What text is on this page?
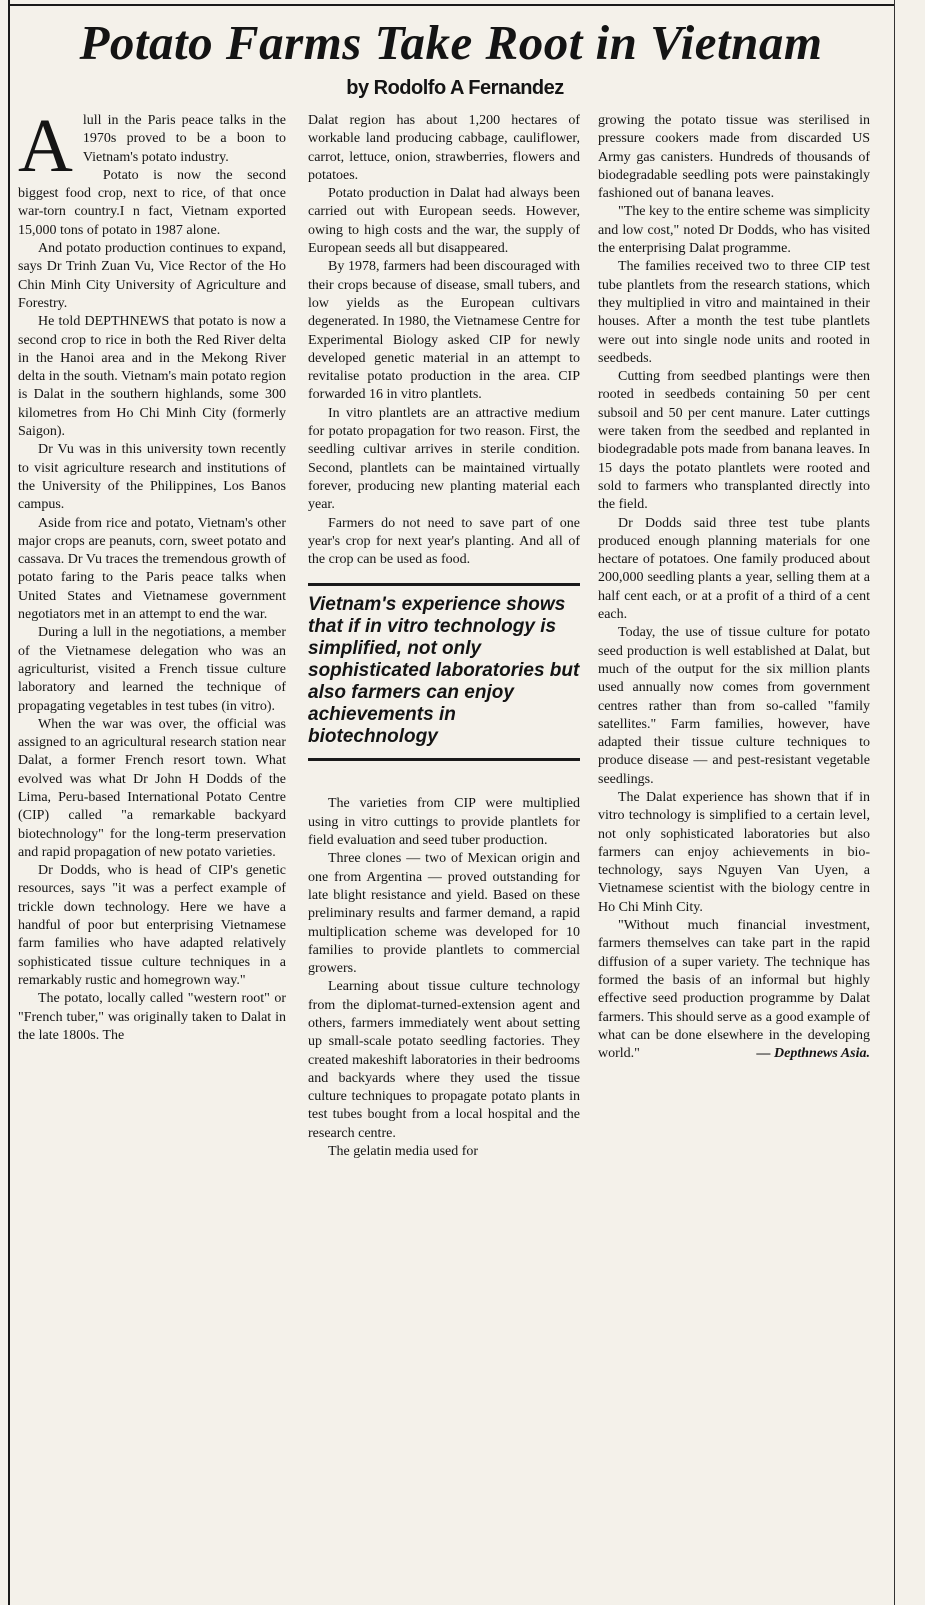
Potato Farms Take Root in Vietnam
by Rodolfo A Fernandez

Alull in the Paris peace talks in the 1970s proved to be a boon to Vietnam's potato industry.

Potato is now the second biggest food crop, next to rice, of that once war-torn country.I n fact, Vietnam exported 15,000 tons of potato in 1987 alone.

And potato production continues to expand, says Dr Trinh Zuan Vu, Vice Rector of the Ho Chin Minh City University of Agriculture and Forestry.

He told DEPTHNEWS that potato is now a second crop to rice in both the Red River delta in the Hanoi area and in the Mekong River delta in the south. Vietnam's main potato region is Dalat in the southern highlands, some 300 kilometres from Ho Chi Minh City (formerly Saigon).

Dr Vu was in this university town recently to visit agriculture research and institutions of the University of the Philippines, Los Banos campus.

Aside from rice and potato, Vietnam's other major crops are peanuts, corn, sweet potato and cassava. Dr Vu traces the tremendous growth of potato faring to the Paris peace talks when United States and Vietnamese government negotiators met in an attempt to end the war.

During a lull in the negotiations, a member of the Vietnamese delegation who was an agriculturist, visited a French tissue culture laboratory and learned the technique of propagating vegetables in test tubes (in vitro).

When the war was over, the official was assigned to an agricultural research station near Dalat, a former French resort town. What evolved was what Dr John H Dodds of the Lima, Peru-based International Potato Centre (CIP) called "a remarkable backyard biotechnology" for the long-term preservation and rapid propagation of new potato varieties.

Dr Dodds, who is head of CIP's genetic resources, says "it was a perfect example of trickle down technology. Here we have a handful of poor but enterprising Vietnamese farm families who have adapted relatively sophisticated tissue culture techniques in a remarkably rustic and homegrown way."

The potato, locally called "western root" or "French tuber," was originally taken to Dalat in the late 1800s. The

Dalat region has about 1,200 hectares of workable land producing cabbage, cauliflower, carrot, lettuce, onion, strawberries, flowers and potatoes.

Potato production in Dalat had always been carried out with European seeds. However, owing to high costs and the war, the supply of European seeds all but disappeared.

By 1978, farmers had been discouraged with their crops because of disease, small tubers, and low yields as the European cultivars degenerated. In 1980, the Vietnamese Centre for Experimental Biology asked CIP for newly developed genetic material in an attempt to revitalise potato production in the area. CIP forwarded 16 in vitro plantlets.

In vitro plantlets are an attractive medium for potato propagation for two reason. First, the seedling cultivar arrives in sterile condition. Second, plantlets can be maintained virtually forever, producing new planting material each year.

Farmers do not need to save part of one year's crop for next year's planting. And all of the crop can be used as food.

Vietnam's experience shows that if in vitro technology is simplified, not only sophisticated laboratories but also farmers can enjoy achievements in biotechnology

The varieties from CIP were multiplied using in vitro cuttings to provide plantlets for field evaluation and seed tuber production.

Three clones — two of Mexican origin and one from Argentina — proved outstanding for late blight resistance and yield. Based on these preliminary results and farmer demand, a rapid multiplication scheme was developed for 10 families to provide plantlets to commercial growers.

Learning about tissue culture technology from the diplomat-turned-extension agent and others, farmers immediately went about setting up small-scale potato seedling factories. They created makeshift laboratories in their bedrooms and backyards where they used the tissue culture techniques to propagate potato plants in test tubes bought from a local hospital and the research centre.

The gelatin media used for

growing the potato tissue was sterilised in pressure cookers made from discarded US Army gas canisters. Hundreds of thousands of biodegradable seedling pots were painstakingly fashioned out of banana leaves.

"The key to the entire scheme was simplicity and low cost," noted Dr Dodds, who has visited the enterprising Dalat programme.

The families received two to three CIP test tube plantlets from the research stations, which they multiplied in vitro and maintained in their houses. After a month the test tube plantlets were out into single node units and rooted in seedbeds.

Cutting from seedbed plantings were then rooted in seedbeds containing 50 per cent subsoil and 50 per cent manure. Later cuttings were taken from the seedbed and replanted in biodegradable pots made from banana leaves. In 15 days the potato plantlets were rooted and sold to farmers who transplanted directly into the field.

Dr Dodds said three test tube plants produced enough planning materials for one hectare of potatoes. One family produced about 200,000 seedling plants a year, selling them at a half cent each, or at a profit of a third of a cent each.

Today, the use of tissue culture for potato seed production is well established at Dalat, but much of the output for the six million plants used annually now comes from government centres rather than from so-called "family satellites." Farm families, however, have adapted their tissue culture techniques to produce disease — and pest-resistant vegetable seedlings.

The Dalat experience has shown that if in vitro technology is simplified to a certain level, not only sophisticated laboratories but also farmers can enjoy achievements in bio-technology, says Nguyen Van Uyen, a Vietnamese scientist with the biology centre in Ho Chi Minh City.

"Without much financial investment, farmers themselves can take part in the rapid diffusion of a super variety. The technique has formed the basis of an informal but highly effective seed production programme by Dalat farmers. This should serve as a good example of what can be done elsewhere in the developing world."	— Depthnews Asia.
